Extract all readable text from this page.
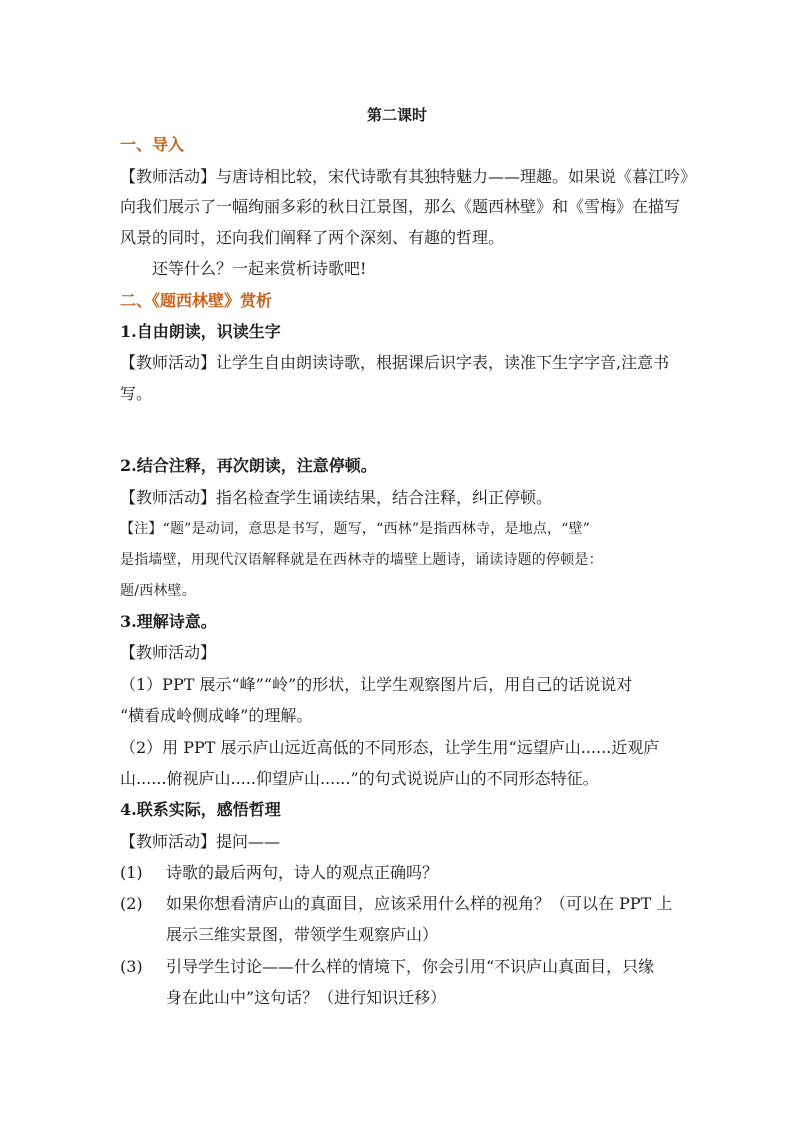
第二课时
一、导入
【教师活动】与唐诗相比较，宋代诗歌有其独特魅力——理趣。如果说《暮江吟》
向我们展示了一幅绚丽多彩的秋日江景图，那么《题西林壁》和《雪梅》在描写
风景的同时，还向我们阐释了两个深刻、有趣的哲理。
还等什么？一起来赏析诗歌吧!
二、《题西林壁》赏析
1.自由朗读，识读生字
【教师活动】让学生自由朗读诗歌，根据课后识字表，读准下生字字音,注意书
写。
2.结合注释，再次朗读，注意停顿。
【教师活动】指名检查学生诵读结果，结合注释，纠正停顿。
【注】“题”是动词，意思是书写，题写，“西林”是指西林寺，是地点，“壁”
是指墙壁，用现代汉语解释就是在西林寺的墙壁上题诗，诵读诗题的停顿是：
题/西林壁。
3.理解诗意。
【教师活动】
（1）PPT 展示“峰”“岭”的形状，让学生观察图片后，用自己的话说说对
“横看成岭侧成峰”的理解。
（2）用 PPT 展示庐山远近高低的不同形态，让学生用“远望庐山......近观庐
山......俯视庐山.....仰望庐山......”的句式说说庐山的不同形态特征。
4.联系实际，感悟哲理
【教师活动】提问——
(1) 诗歌的最后两句，诗人的观点正确吗？
(2) 如果你想看清庐山的真面目，应该采用什么样的视角？（可以在 PPT 上
展示三维实景图，带领学生观察庐山）
(3) 引导学生讨论——什么样的情境下，你会引用“不识庐山真面目，只缘
身在此山中”这句话？（进行知识迁移）
